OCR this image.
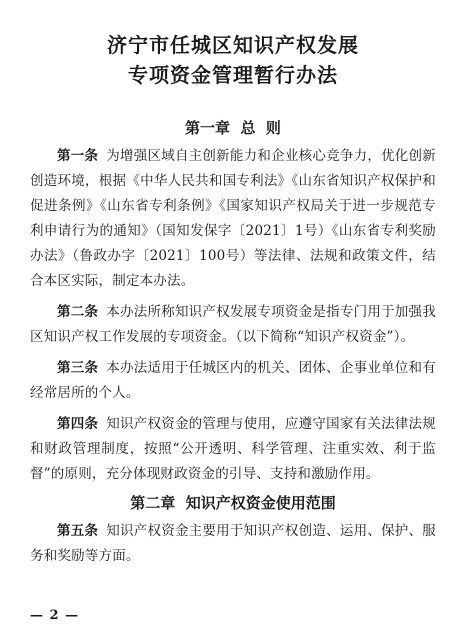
济宁市任城区知识产权发展
专项资金管理暂行办法
第一章  总  则

第一条 为增强区域自主创新能力和企业核心竞争力，优化创新创造环境，根据《中华人民共和国专利法》《山东省知识产权保护和促进条例》《山东省专利条例》《国家知识产权局关于进一步规范专利申请行为的通知》（国知发保字〔2021〕1号）《山东省专利奖励办法》（鲁政办字〔2021〕100号）等法律、法规和政策文件，结合本区实际，制定本办法。

第二条 本办法所称知识产权发展专项资金是指专门用于加强我区知识产权工作发展的专项资金。（以下简称“知识产权资金”）。

第三条 本办法适用于任城区内的机关、团体、企事业单位和有经常居所的个人。

第四条 知识产权资金的管理与使用，应遵守国家有关法律法规和财政管理制度，按照“公开透明、科学管理、注重实效、利于监督”的原则，充分体现财政资金的引导、支持和激励作用。

第二章  知识产权资金使用范围

第五条 知识产权资金主要用于知识产权创造、运用、保护、服务和奖励等方面。

— 2 —
